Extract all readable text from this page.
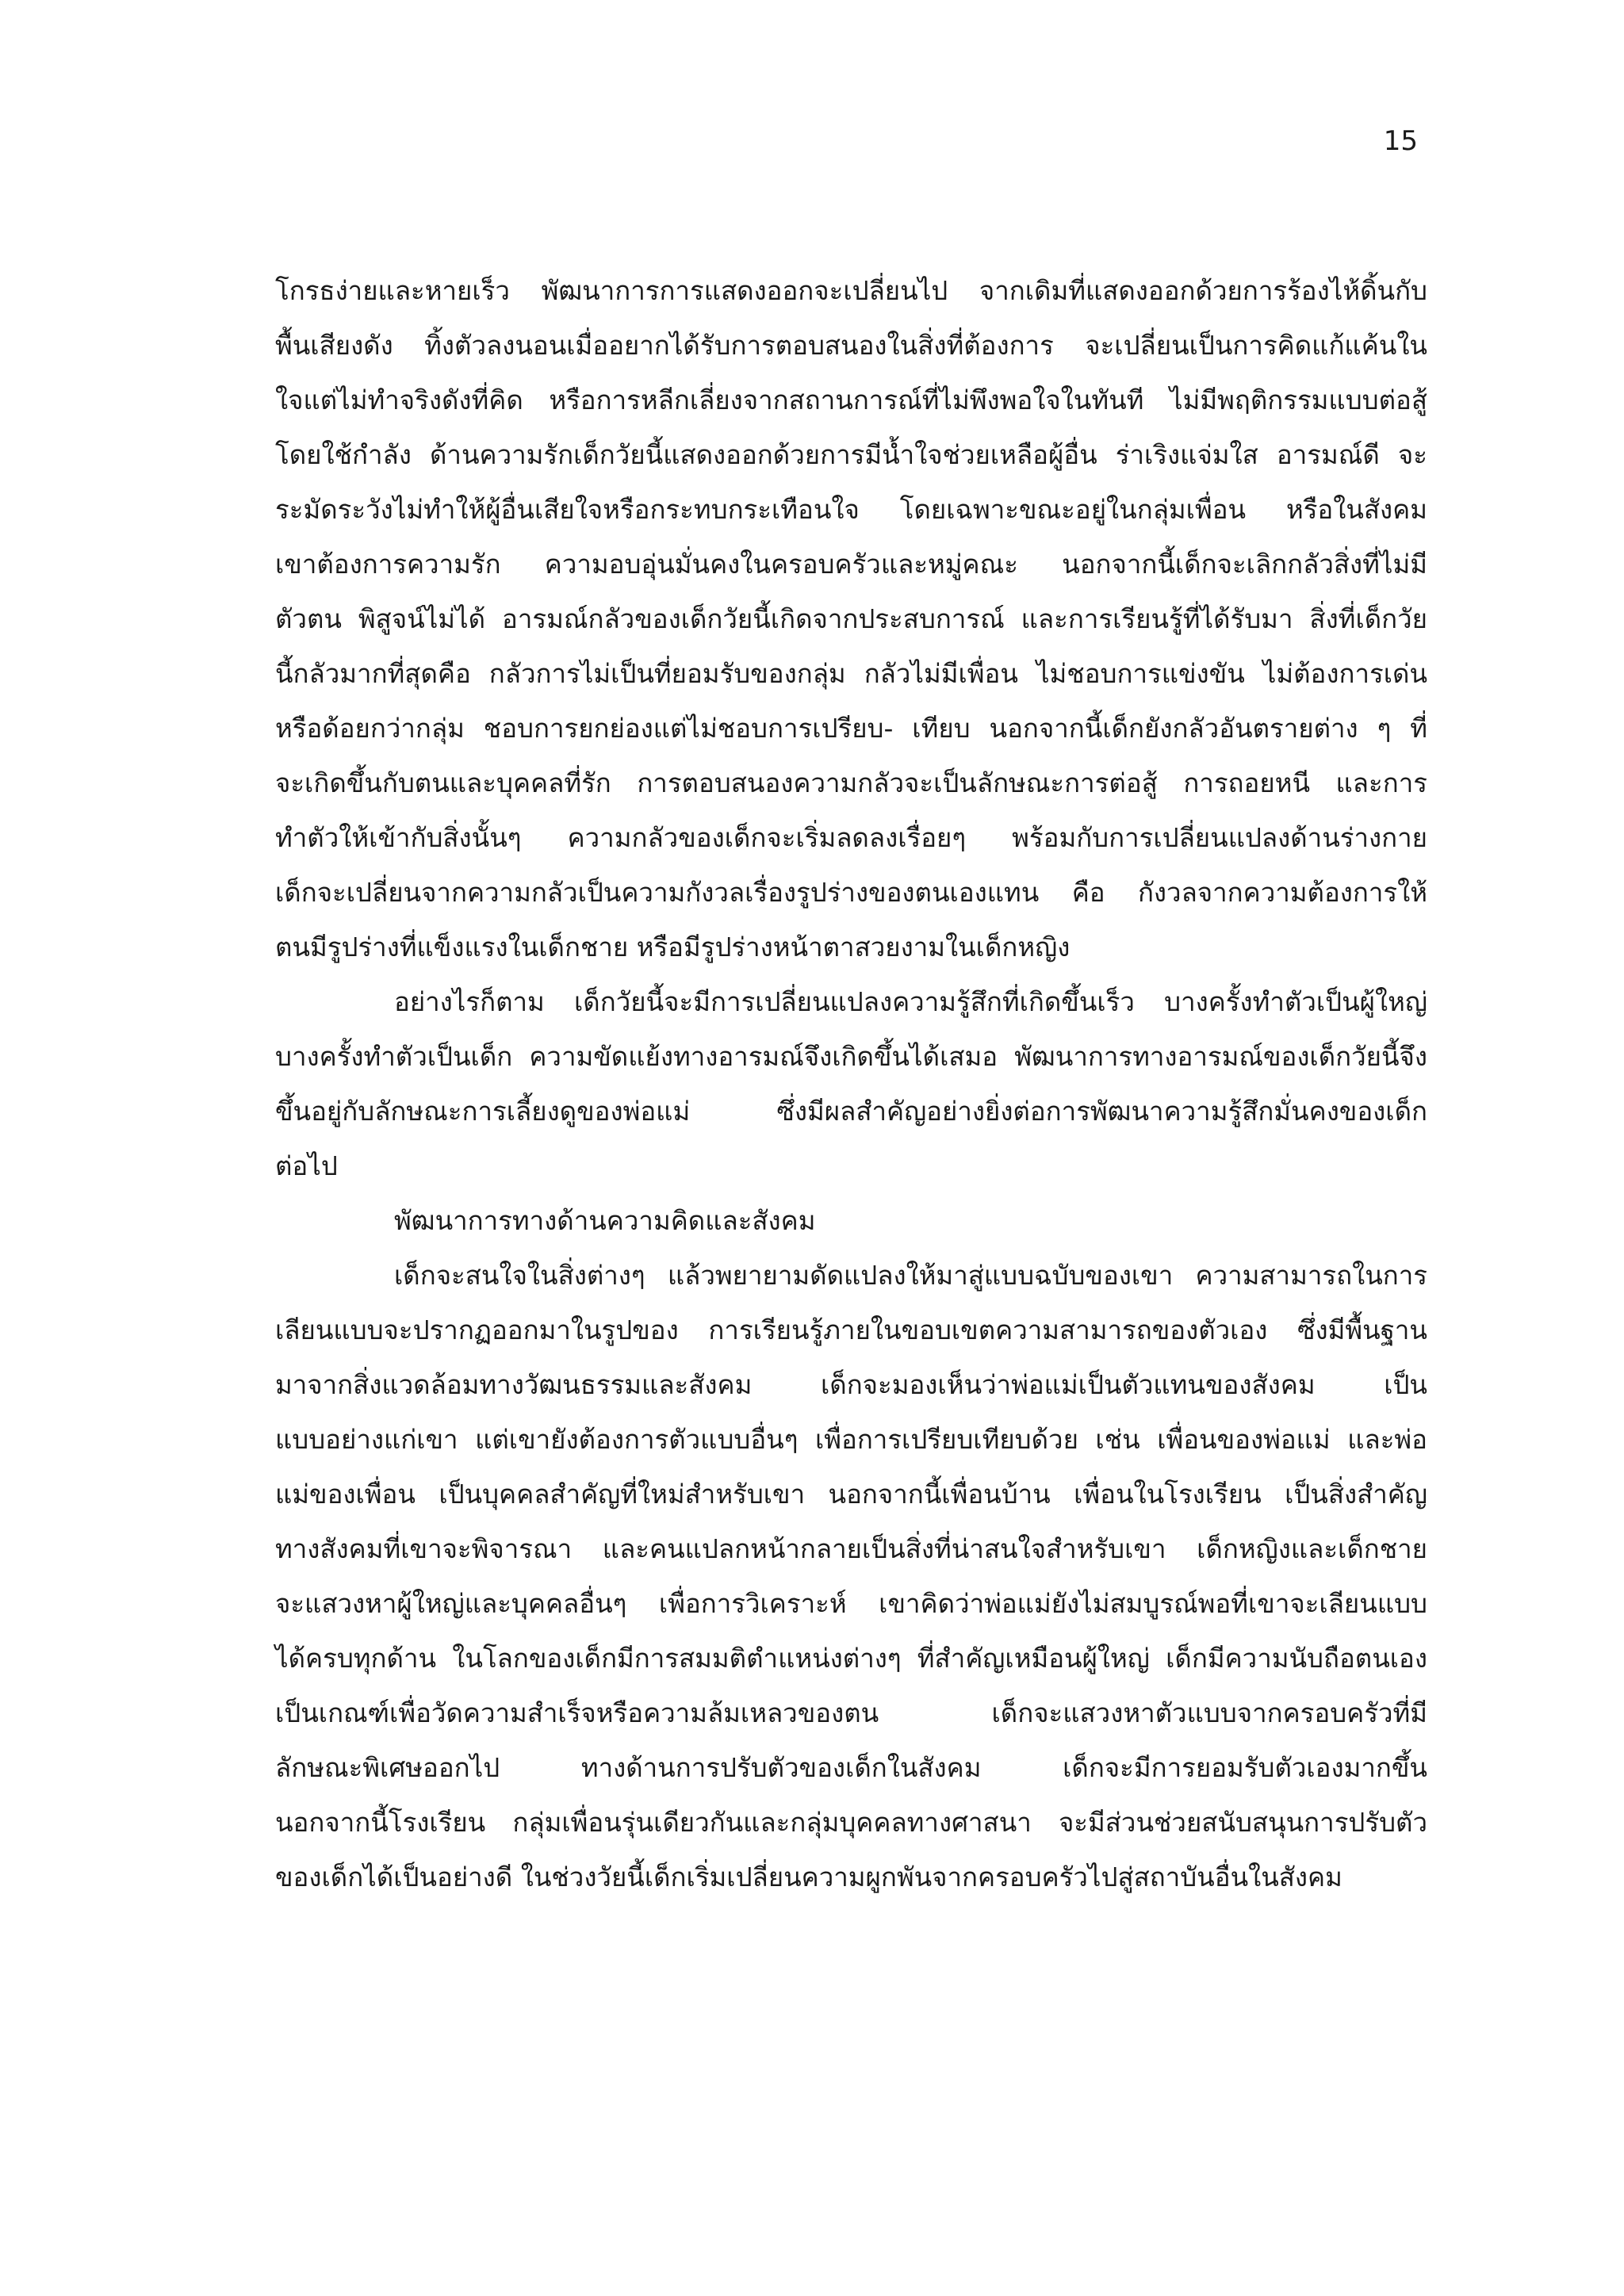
15
โกรธง่ายและหายเร็ว พัฒนาการการแสดงออกจะเปลี่ยนไป จากเดิมที่แสดงออกด้วยการร้องไห้ดิ้นกับ
พื้นเสียงดัง ทิ้งตัวลงนอนเมื่ออยากได้รับการตอบสนองในสิ่งที่ต้องการ จะเปลี่ยนเป็นการคิดแก้แค้นใน
ใจแต่ไม่ทำจริงดังที่คิด หรือการหลีกเลี่ยงจากสถานการณ์ที่ไม่พึงพอใจในทันที ไม่มีพฤติกรรมแบบต่อสู้
โดยใช้กำลัง ด้านความรักเด็กวัยนี้แสดงออกด้วยการมีน้ำใจช่วยเหลือผู้อื่น ร่าเริงแจ่มใส อารมณ์ดี จะ
ระมัดระวังไม่ทำให้ผู้อื่นเสียใจหรือกระทบกระเทือนใจ โดยเฉพาะขณะอยู่ในกลุ่มเพื่อน หรือในสังคม
เขาต้องการความรัก ความอบอุ่นมั่นคงในครอบครัวและหมู่คณะ นอกจากนี้เด็กจะเลิกกลัวสิ่งที่ไม่มี
ตัวตน พิสูจน์ไม่ได้ อารมณ์กลัวของเด็กวัยนี้เกิดจากประสบการณ์ และการเรียนรู้ที่ได้รับมา สิ่งที่เด็กวัย
นี้กลัวมากที่สุดคือ กลัวการไม่เป็นที่ยอมรับของกลุ่ม กลัวไม่มีเพื่อน ไม่ชอบการแข่งขัน ไม่ต้องการเด่น
หรือด้อยกว่ากลุ่ม ชอบการยกย่องแต่ไม่ชอบการเปรียบ- เทียบ นอกจากนี้เด็กยังกลัวอันตรายต่าง ๆ ที่
จะเกิดขึ้นกับตนและบุคคลที่รัก การตอบสนองความกลัวจะเป็นลักษณะการต่อสู้ การถอยหนี และการ
ทำตัวให้เข้ากับสิ่งนั้นๆ ความกลัวของเด็กจะเริ่มลดลงเรื่อยๆ พร้อมกับการเปลี่ยนแปลงด้านร่างกาย
เด็กจะเปลี่ยนจากความกลัวเป็นความกังวลเรื่องรูปร่างของตนเองแทน คือ กังวลจากความต้องการให้
ตนมีรูปร่างที่แข็งแรงในเด็กชาย หรือมีรูปร่างหน้าตาสวยงามในเด็กหญิง
อย่างไรก็ตาม เด็กวัยนี้จะมีการเปลี่ยนแปลงความรู้สึกที่เกิดขึ้นเร็ว บางครั้งทำตัวเป็นผู้ใหญ่
บางครั้งทำตัวเป็นเด็ก ความขัดแย้งทางอารมณ์จึงเกิดขึ้นได้เสมอ พัฒนาการทางอารมณ์ของเด็กวัยนี้จึง
ขึ้นอยู่กับลักษณะการเลี้ยงดูของพ่อแม่ ซึ่งมีผลสำคัญอย่างยิ่งต่อการพัฒนาความรู้สึกมั่นคงของเด็ก
ต่อไป
พัฒนาการทางด้านความคิดและสังคม
เด็กจะสนใจในสิ่งต่างๆ แล้วพยายามดัดแปลงให้มาสู่แบบฉบับของเขา ความสามารถในการ
เลียนแบบจะปรากฏออกมาในรูปของ การเรียนรู้ภายในขอบเขตความสามารถของตัวเอง ซึ่งมีพื้นฐาน
มาจากสิ่งแวดล้อมทางวัฒนธรรมและสังคม เด็กจะมองเห็นว่าพ่อแม่เป็นตัวแทนของสังคม เป็น
แบบอย่างแก่เขา แต่เขายังต้องการตัวแบบอื่นๆ เพื่อการเปรียบเทียบด้วย เช่น เพื่อนของพ่อแม่ และพ่อ
แม่ของเพื่อน เป็นบุคคลสำคัญที่ใหม่สำหรับเขา นอกจากนี้เพื่อนบ้าน เพื่อนในโรงเรียน เป็นสิ่งสำคัญ
ทางสังคมที่เขาจะพิจารณา และคนแปลกหน้ากลายเป็นสิ่งที่น่าสนใจสำหรับเขา เด็กหญิงและเด็กชาย
จะแสวงหาผู้ใหญ่และบุคคลอื่นๆ เพื่อการวิเคราะห์ เขาคิดว่าพ่อแม่ยังไม่สมบูรณ์พอที่เขาจะเลียนแบบ
ได้ครบทุกด้าน ในโลกของเด็กมีการสมมติตำแหน่งต่างๆ ที่สำคัญเหมือนผู้ใหญ่ เด็กมีความนับถือตนเอง
เป็นเกณฑ์เพื่อวัดความสำเร็จหรือความล้มเหลวของตน เด็กจะแสวงหาตัวแบบจากครอบครัวที่มี
ลักษณะพิเศษออกไป ทางด้านการปรับตัวของเด็กในสังคม เด็กจะมีการยอมรับตัวเองมากขึ้น
นอกจากนี้โรงเรียน กลุ่มเพื่อนรุ่นเดียวกันและกลุ่มบุคคลทางศาสนา จะมีส่วนช่วยสนับสนุนการปรับตัว
ของเด็กได้เป็นอย่างดี ในช่วงวัยนี้เด็กเริ่มเปลี่ยนความผูกพันจากครอบครัวไปสู่สถาบันอื่นในสังคม
